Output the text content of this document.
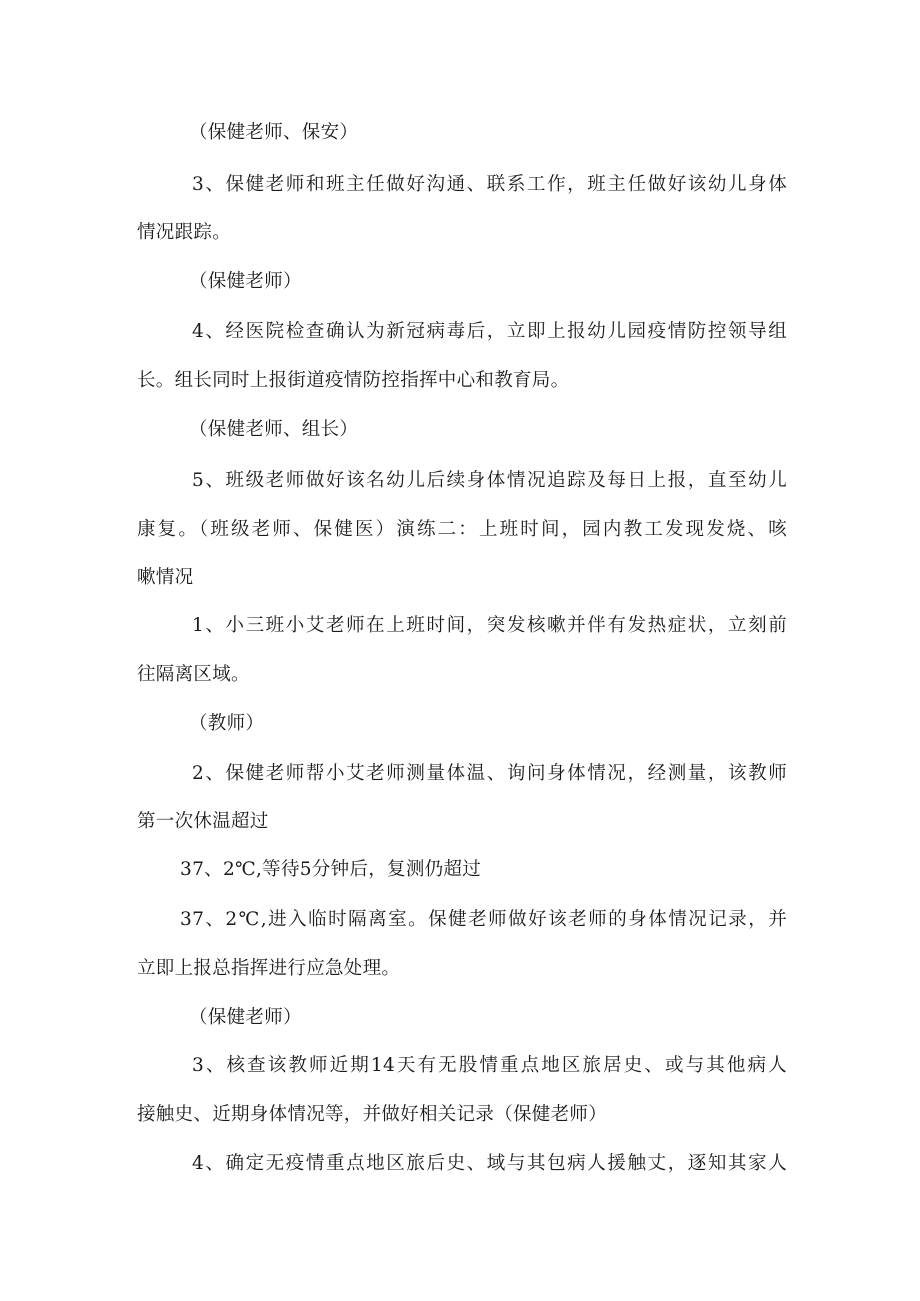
（保健老师、保安）
3、保健老师和班主任做好沟通、联系工作，班主任做好该幼儿身体
情况跟踪。
（保健老师）
4、经医院检查确认为新冠病毒后，立即上报幼儿园疫情防控领导组
长。组长同时上报街道疫情防控指挥中心和教育局。
（保健老师、组长）
5、班级老师做好该名幼儿后续身体情况追踪及每日上报，直至幼儿
康复。（班级老师、保健医）演练二：上班时间，园内教工发现发烧、咳
嗽情况
1、小三班小艾老师在上班时间，突发核嗽并伴有发热症状，立刻前
往隔离区域。
（教师）
2、保健老师帮小艾老师测量体温、询问身体情况，经测量，该教师
第一次休温超过
37、2℃,等待5分钟后，复测仍超过
37、2℃,进入临时隔离室。保健老师做好该老师的身体情况记录，并
立即上报总指挥进行应急处理。
（保健老师）
3、核查该教师近期14天有无股情重点地区旅居史、或与其他病人
接触史、近期身体情况等，并做好相关记录（保健老师）
4、确定无疫情重点地区旅后史、域与其包病人援触丈，逐知其家人
